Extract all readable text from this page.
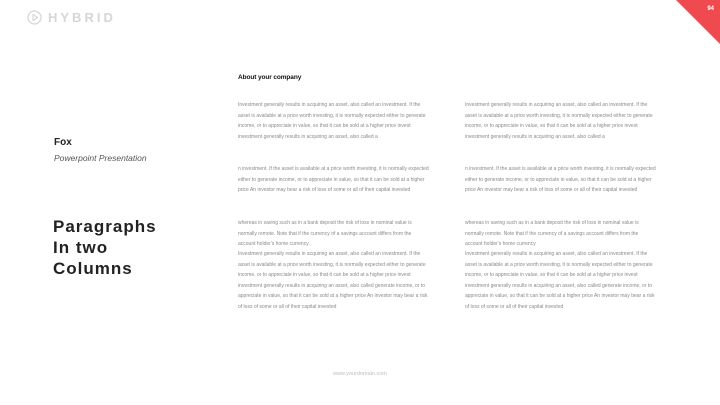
HYBRID
94
Fox
Powerpoint Presentation
Paragraphs
In two
Columns
About your company

Investment generally results in acquiring an asset, also called an investment. If the asset is available at a price worth investing, it is normally expected either to generate income, or to appreciate in value, so that it can be sold at a higher price invest investment generally results in acquiring an asset, also called a

n investment. If the asset is available at a price worth investing, it is normally expected either to generate income, or to appreciate in value, so that it can be sold at a higher price An investor may bear a risk of loss of some or all of their capital invested

whereas in saving such as in a bank deposit the risk of loss in nominal value is normally remote. Note that if the currency of a savings account differs from the account holder's home currency

Investment generally results in acquiring an asset, also called an investment. If the asset is available at a price worth investing, it is normally expected either to generate income, or to appreciate in value, so that it can be sold at a higher price invest investment generally results in acquiring an asset, also called generate income, or to appreciate in value, so that it can be sold at a higher price An investor may bear a risk of loss of some or all of their capital invested

Investment generally results in acquiring an asset, also called an investment. If the asset is available at a price worth investing, it is normally expected either to generate income, or to appreciate in value, so that it can be sold at a higher price invest investment generally results in acquiring an asset, also called a

n investment. If the asset is available at a price worth investing, it is normally expected either to generate income, or to appreciate in value, so that it can be sold at a higher price An investor may bear a risk of loss of some or all of their capital invested

whereas in saving such as in a bank deposit the risk of loss in nominal value is normally remote. Note that if the currency of a savings account differs from the account holder's home currency

Investment generally results in acquiring an asset, also called an investment. If the asset is available at a price worth investing, it is normally expected either to generate income, or to appreciate in value, so that it can be sold at a higher price invest investment generally results in acquiring an asset, also called generate income, or to appreciate in value, so that it can be sold at a higher price An investor may bear a risk of loss of some or all of their capital invested

www.yourdomain.com
